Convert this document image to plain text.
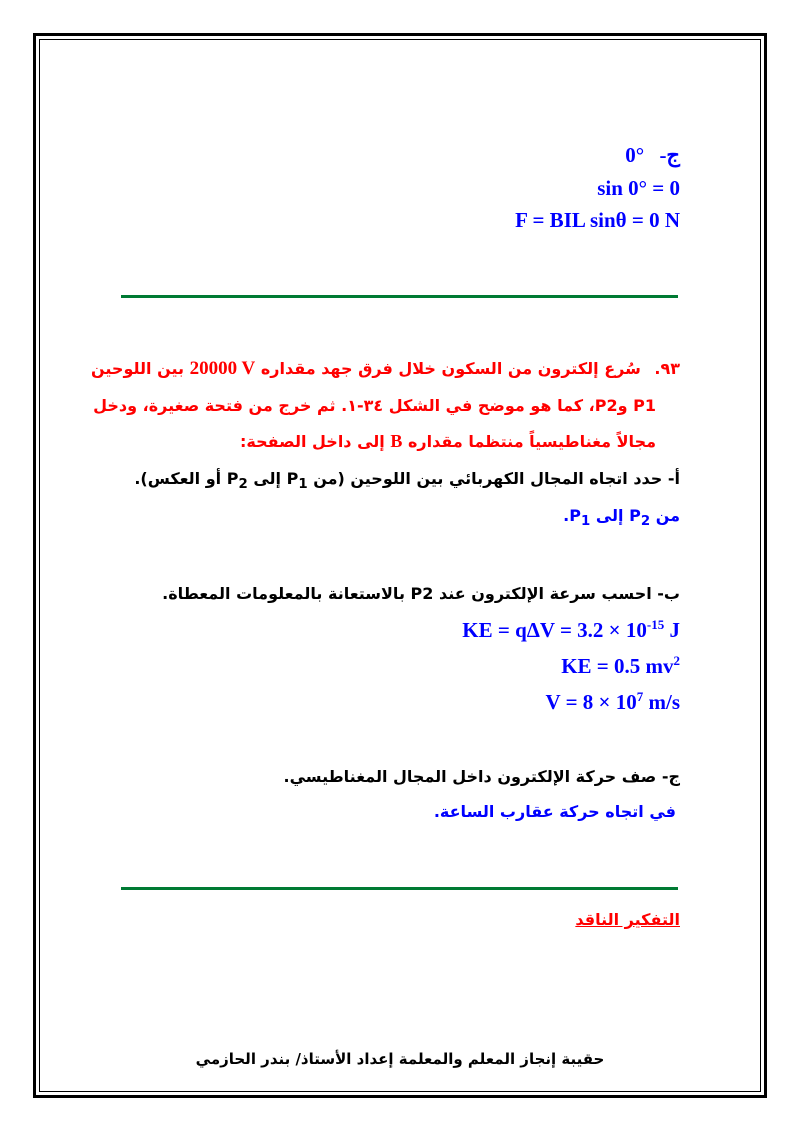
ج- 0°
sin 0° = 0
F = BIL sinθ = 0 N
٩٣. سُرع إلكترون من السكون خلال فرق جهد مقداره 20000 V بين اللوحين
P1 وP2، كما هو موضح في الشكل ٣٤-١. ثم خرج من فتحة صغيرة، ودخل
مجالاً مغناطيسياً منتظما مقداره B إلى داخل الصفحة:
أ- حدد اتجاه المجال الكهربائي بين اللوحين (من $P_1$ إلى $P_2$ أو العكس).
من $P_2$ إلى $P_1$.
ب- احسب سرعة الإلكترون عند P2 بالاستعانة بالمعلومات المعطاة.
KE = $q\Delta V = 3.2 \times 10^{-15}$ J
KE = 0.5 $mv^2$
$V = 8 \times 10^7$ m/s
ج- صف حركة الإلكترون داخل المجال المغناطيسي.
في اتجاه حركة عقارب الساعة.
التفكير الناقد
حقيبة إنجاز المعلم والمعلمة إعداد الأستاذ/ بندر الحازمي
